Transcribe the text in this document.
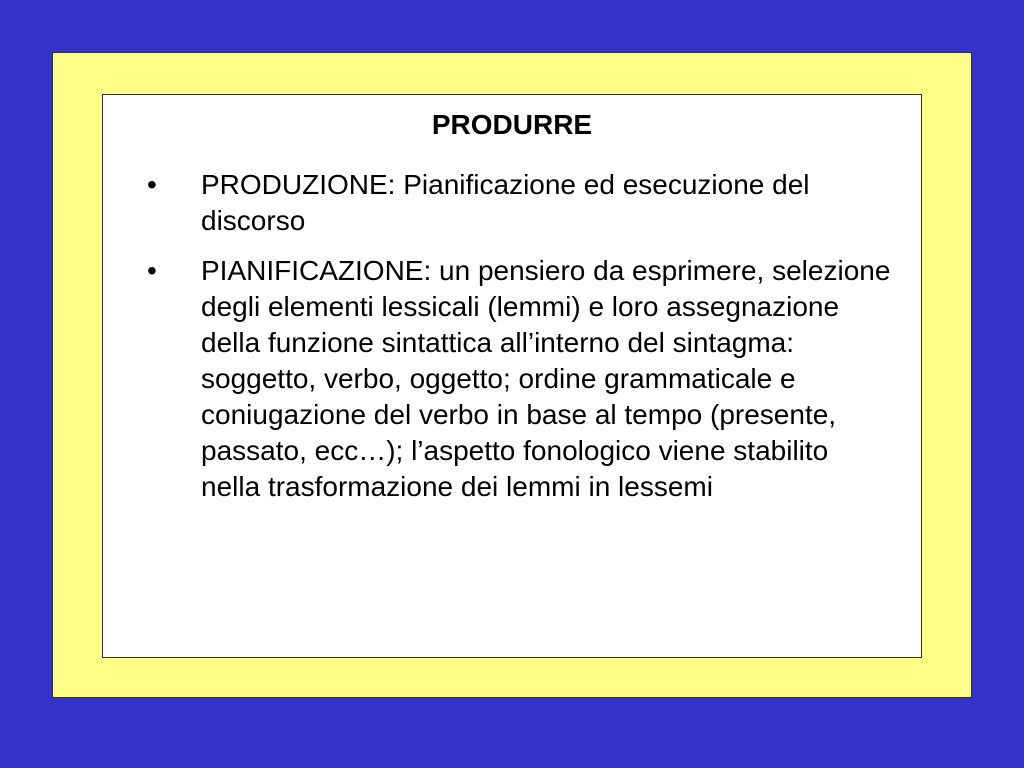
PRODURRE
• PRODUZIONE: Pianificazione ed esecuzione del discorso
• PIANIFICAZIONE: un pensiero da esprimere, selezione degli elementi lessicali (lemmi) e loro assegnazione della funzione sintattica all’interno del sintagma: soggetto, verbo, oggetto; ordine grammaticale e coniugazione del verbo in base al tempo (presente, passato, ecc…); l’aspetto fonologico viene stabilito nella trasformazione dei lemmi in lessemi
